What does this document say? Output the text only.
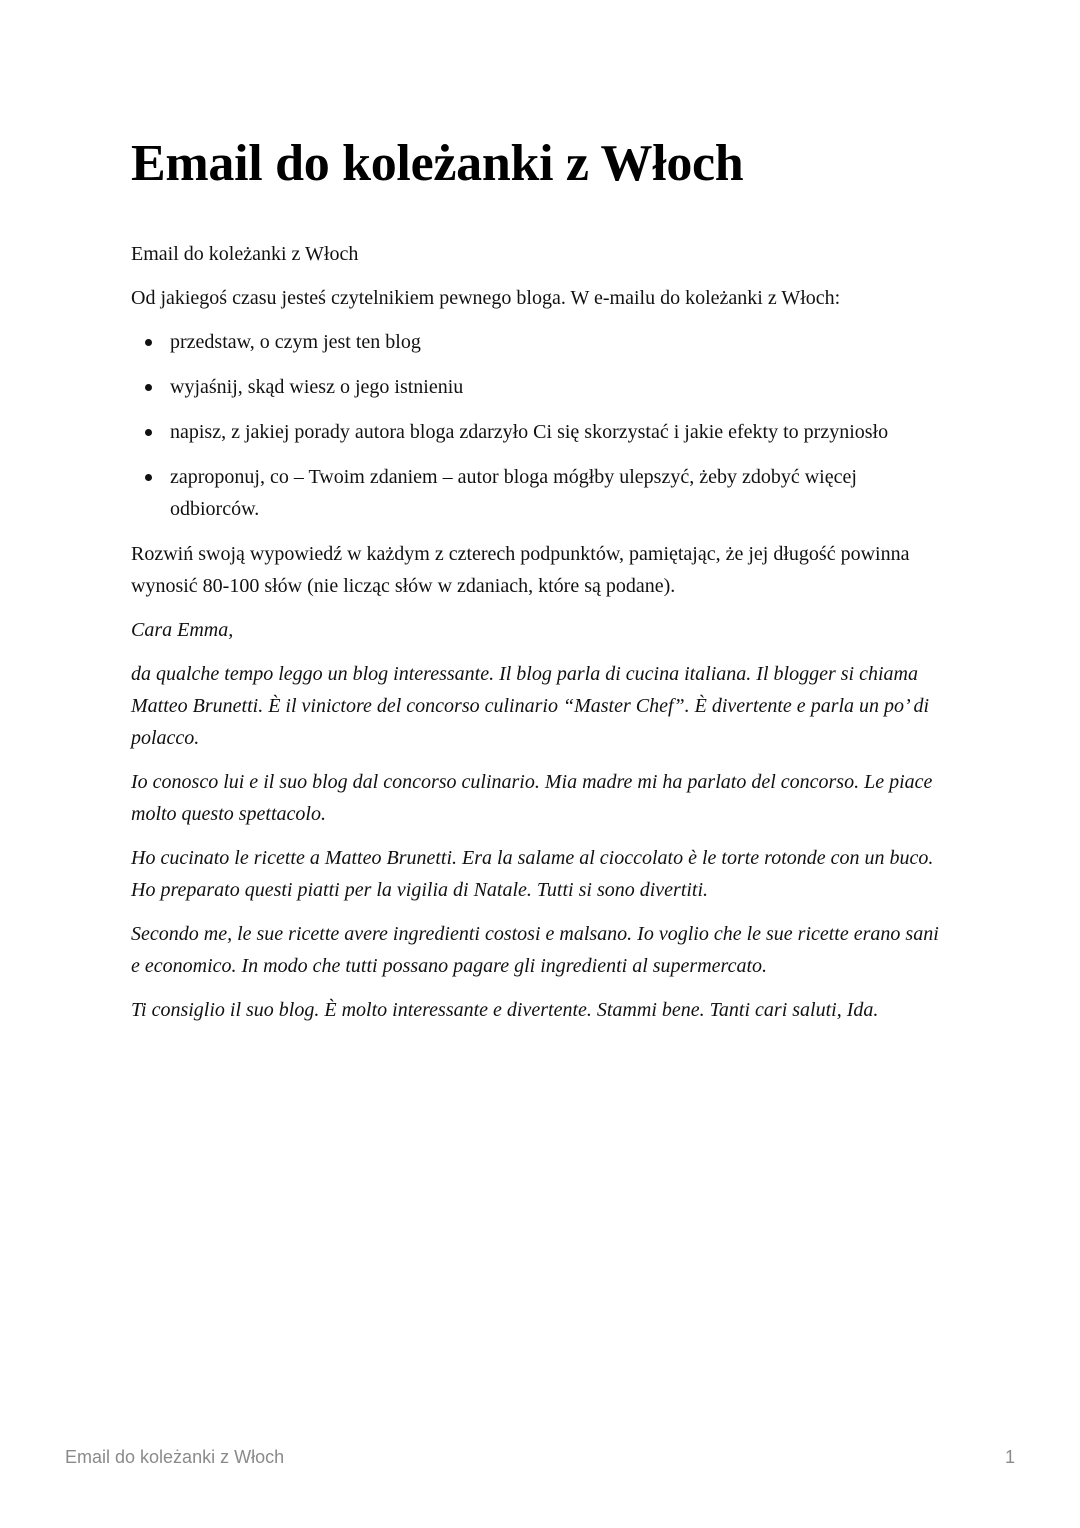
Email do koleżanki z Włoch

Email do koleżanki z Włoch

Od jakiegoś czasu jesteś czytelnikiem pewnego bloga. W e-mailu do koleżanki z Włoch:

przedstaw, o czym jest ten blog
wyjaśnij, skąd wiesz o jego istnieniu
napisz, z jakiej porady autora bloga zdarzyło Ci się skorzystać i jakie efekty to przyniosło
zaproponuj, co – Twoim zdaniem – autor bloga mógłby ulepszyć, żeby zdobyć więcej odbiorców.

Rozwiń swoją wypowiedź w każdym z czterech podpunktów, pamiętając, że jej długość powinna wynosić 80-100 słów (nie licząc słów w zdaniach, które są podane).

Cara Emma,

da qualche tempo leggo un blog interessante. Il blog parla di cucina italiana. Il blogger si chiama Matteo Brunetti. È il vinictore del concorso culinario “Master Chef”. È divertente e parla un po’ di polacco.

Io conosco lui e il suo blog dal concorso culinario. Mia madre mi ha parlato del concorso. Le piace molto questo spettacolo.

Ho cucinato le ricette a Matteo Brunetti. Era la salame al cioccolato è le torte rotonde con un buco. Ho preparato questi piatti per la vigilia di Natale. Tutti si sono divertiti.

Secondo me, le sue ricette avere ingredienti costosi e malsano. Io voglio che le sue ricette erano sani e economico. In modo che tutti possano pagare gli ingredienti al supermercato.

Ti consiglio il suo blog. È molto interessante e divertente. Stammi bene. Tanti cari saluti, Ida.

Email do koleżanki z Włoch	1
